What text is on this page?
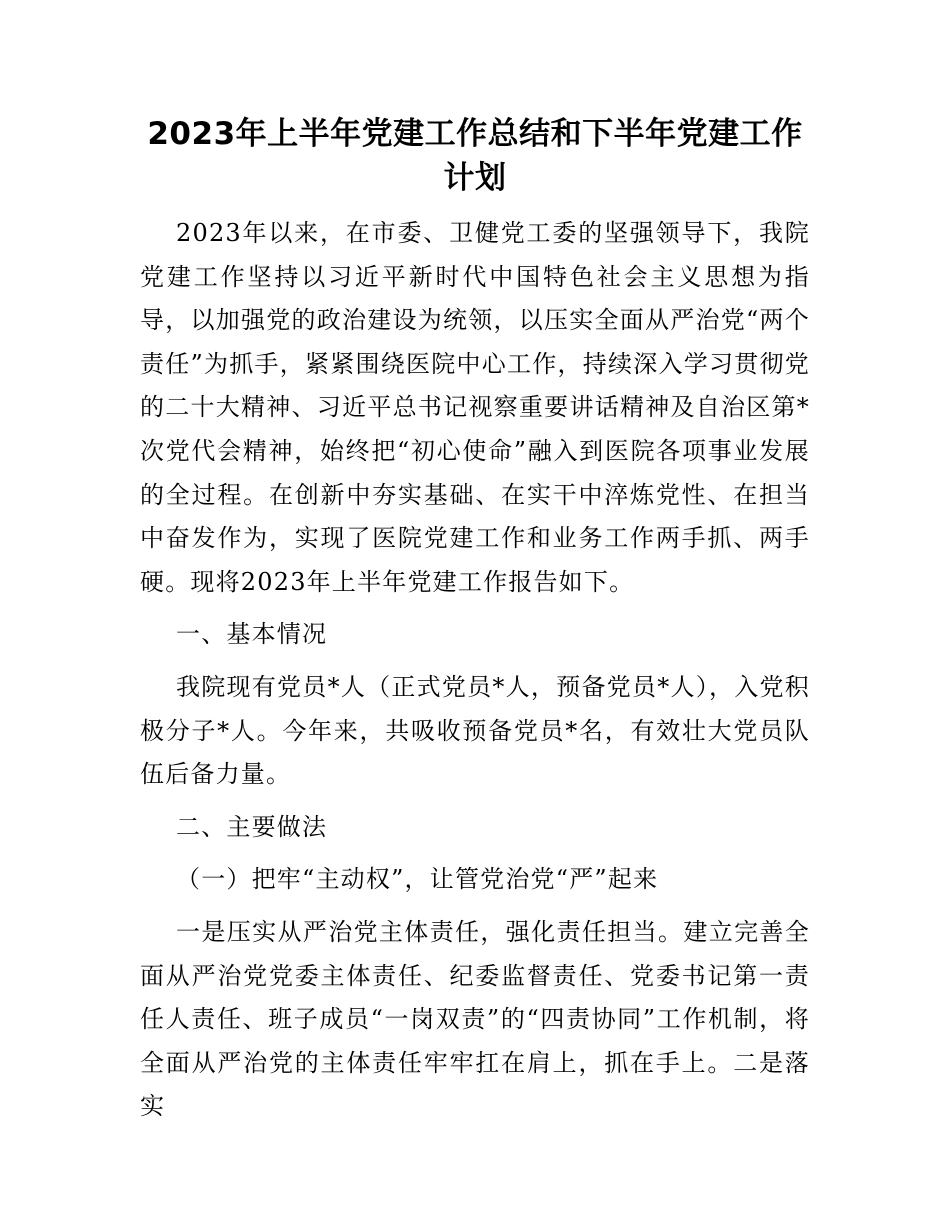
2023年上半年党建工作总结和下半年党建工作计划

2023年以来，在市委、卫健党工委的坚强领导下，我院党建工作坚持以习近平新时代中国特色社会主义思想为指导，以加强党的政治建设为统领，以压实全面从严治党“两个责任”为抓手，紧紧围绕医院中心工作，持续深入学习贯彻党的二十大精神、习近平总书记视察重要讲话精神及自治区第*次党代会精神，始终把“初心使命”融入到医院各项事业发展的全过程。在创新中夯实基础、在实干中淬炼党性、在担当中奋发作为，实现了医院党建工作和业务工作两手抓、两手硬。现将2023年上半年党建工作报告如下。

一、基本情况

我院现有党员*人（正式党员*人，预备党员*人），入党积极分子*人。今年来，共吸收预备党员*名，有效壮大党员队伍后备力量。

二、主要做法

（一）把牢“主动权”，让管党治党“严”起来

一是压实从严治党主体责任，强化责任担当。建立完善全面从严治党党委主体责任、纪委监督责任、党委书记第一责任人责任、班子成员“一岗双责”的“四责协同”工作机制，将全面从严治党的主体责任牢牢扛在肩上，抓在手上。二是落实
